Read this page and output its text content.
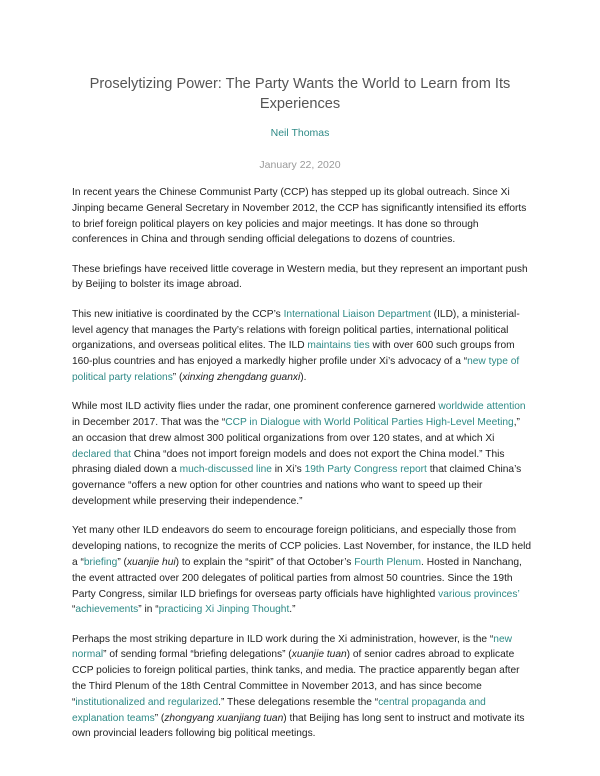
Proselytizing Power: The Party Wants the World to Learn from Its Experiences
Neil Thomas
January 22, 2020

In recent years the Chinese Communist Party (CCP) has stepped up its global outreach. Since Xi Jinping became General Secretary in November 2012, the CCP has significantly intensified its efforts to brief foreign political players on key policies and major meetings. It has done so through conferences in China and through sending official delegations to dozens of countries.

These briefings have received little coverage in Western media, but they represent an important push by Beijing to bolster its image abroad.

This new initiative is coordinated by the CCP’s International Liaison Department (ILD), a ministerial-level agency that manages the Party’s relations with foreign political parties, international political organizations, and overseas political elites. The ILD maintains ties with over 600 such groups from 160-plus countries and has enjoyed a markedly higher profile under Xi’s advocacy of a “new type of political party relations” (xinxing zhengdang guanxi).

While most ILD activity flies under the radar, one prominent conference garnered worldwide attention in December 2017. That was the “CCP in Dialogue with World Political Parties High-Level Meeting,” an occasion that drew almost 300 political organizations from over 120 states, and at which Xi declared that China “does not import foreign models and does not export the China model.” This phrasing dialed down a much-discussed line in Xi’s 19th Party Congress report that claimed China’s governance “offers a new option for other countries and nations who want to speed up their development while preserving their independence.”

Yet many other ILD endeavors do seem to encourage foreign politicians, and especially those from developing nations, to recognize the merits of CCP policies. Last November, for instance, the ILD held a “briefing” (xuanjie hui) to explain the “spirit” of that October’s Fourth Plenum. Hosted in Nanchang, the event attracted over 200 delegates of political parties from almost 50 countries. Since the 19th Party Congress, similar ILD briefings for overseas party officials have highlighted various provinces’ “achievements” in “practicing Xi Jinping Thought.”

Perhaps the most striking departure in ILD work during the Xi administration, however, is the “new normal” of sending formal “briefing delegations” (xuanjie tuan) of senior cadres abroad to explicate CCP policies to foreign political parties, think tanks, and media. The practice apparently began after the Third Plenum of the 18th Central Committee in November 2013, and has since become “institutionalized and regularized.” These delegations resemble the “central propaganda and explanation teams” (zhongyang xuanjiang tuan) that Beijing has long sent to instruct and motivate its own provincial leaders following big political meetings.
